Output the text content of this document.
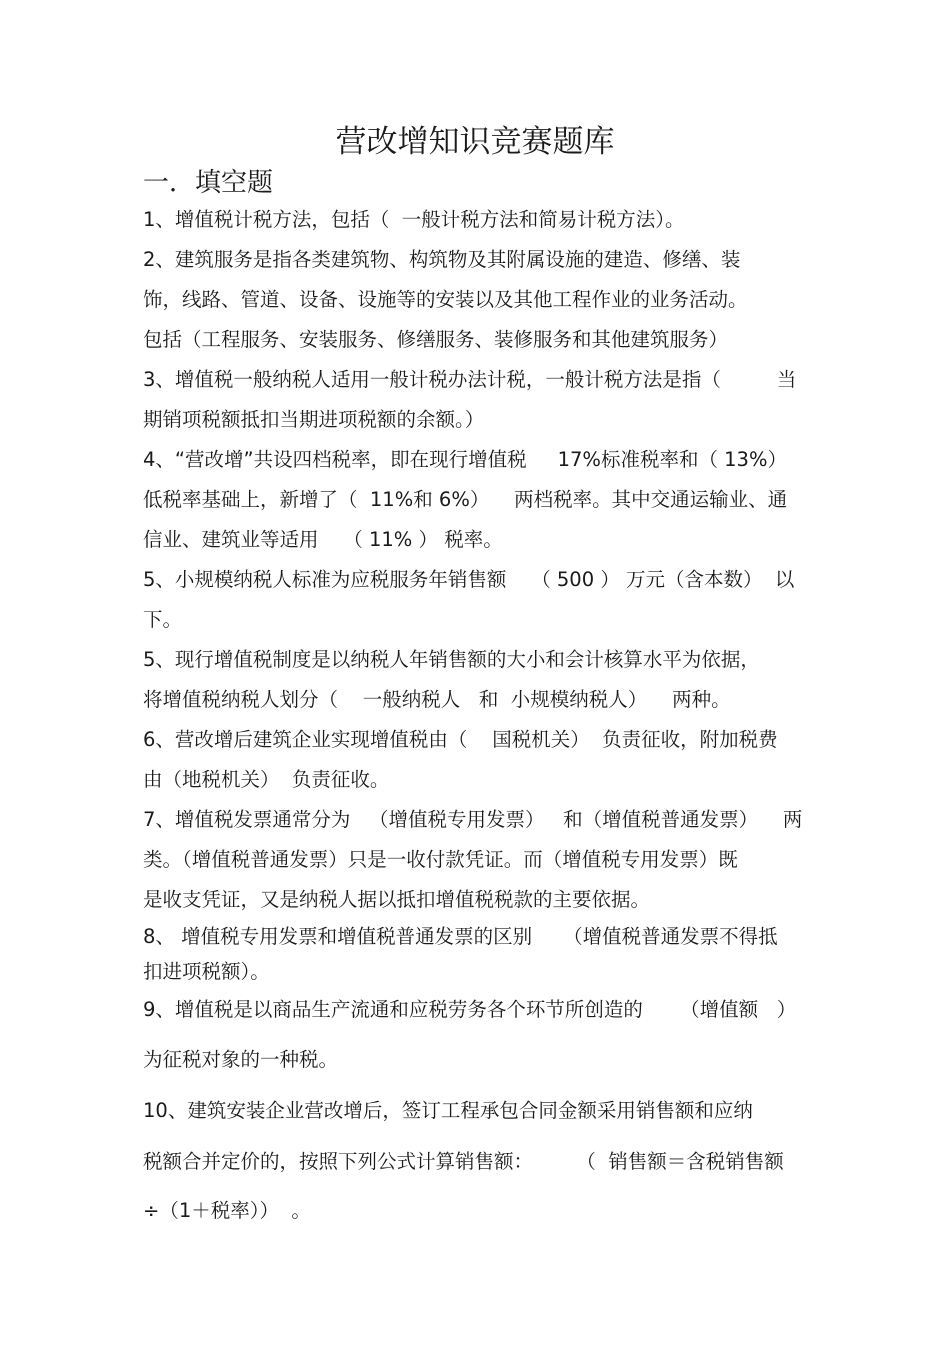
营改增知识竞赛题库
一．填空题
1、增值税计税方法，包括（  一般计税方法和简易计税方法）。
2、建筑服务是指各类建筑物、构筑物及其附属设施的建造、修缮、装
饰，线路、管道、设备、设施等的安装以及其他工程作业的业务活动。
包括（工程服务、安装服务、修缮服务、装修服务和其他建筑服务）
3、增值税一般纳税人适用一般计税办法计税，一般计税方法是指（         当
期销项税额抵扣当期进项税额的余额。）
4、“营改增”共设四档税率，即在现行增值税     17%标准税率和（ 13%）
低税率基础上，新增了（  11%和 6%）    两档税率。其中交通运输业、通
信业、建筑业等适用    （ 11% ） 税率。
5、小规模纳税人标准为应税服务年销售额    （ 500 ） 万元（含本数）  以
下。
5、现行增值税制度是以纳税人年销售额的大小和会计核算水平为依据，
将增值税纳税人划分（    一般纳税人   和  小规模纳税人）    两种。
6、营改增后建筑企业实现增值税由（    国税机关）  负责征收，附加税费
由（地税机关）  负责征收。
7、增值税发票通常分为   （增值税专用发票）   和（增值税普通发票）    两
类。（增值税普通发票）只是一收付款凭证。而（增值税专用发票）既
是收支凭证，又是纳税人据以抵扣增值税税款的主要依据。
8、 增值税专用发票和增值税普通发票的区别     （增值税普通发票不得抵
扣进项税额）。
9、增值税是以商品生产流通和应税劳务各个环节所创造的      （增值额   ）
为征税对象的一种税。
10、建筑安装企业营改增后，签订工程承包合同金额采用销售额和应纳
税额合并定价的，按照下列公式计算销售额：       （  销售额＝含税销售额
÷（1＋税率））  。
